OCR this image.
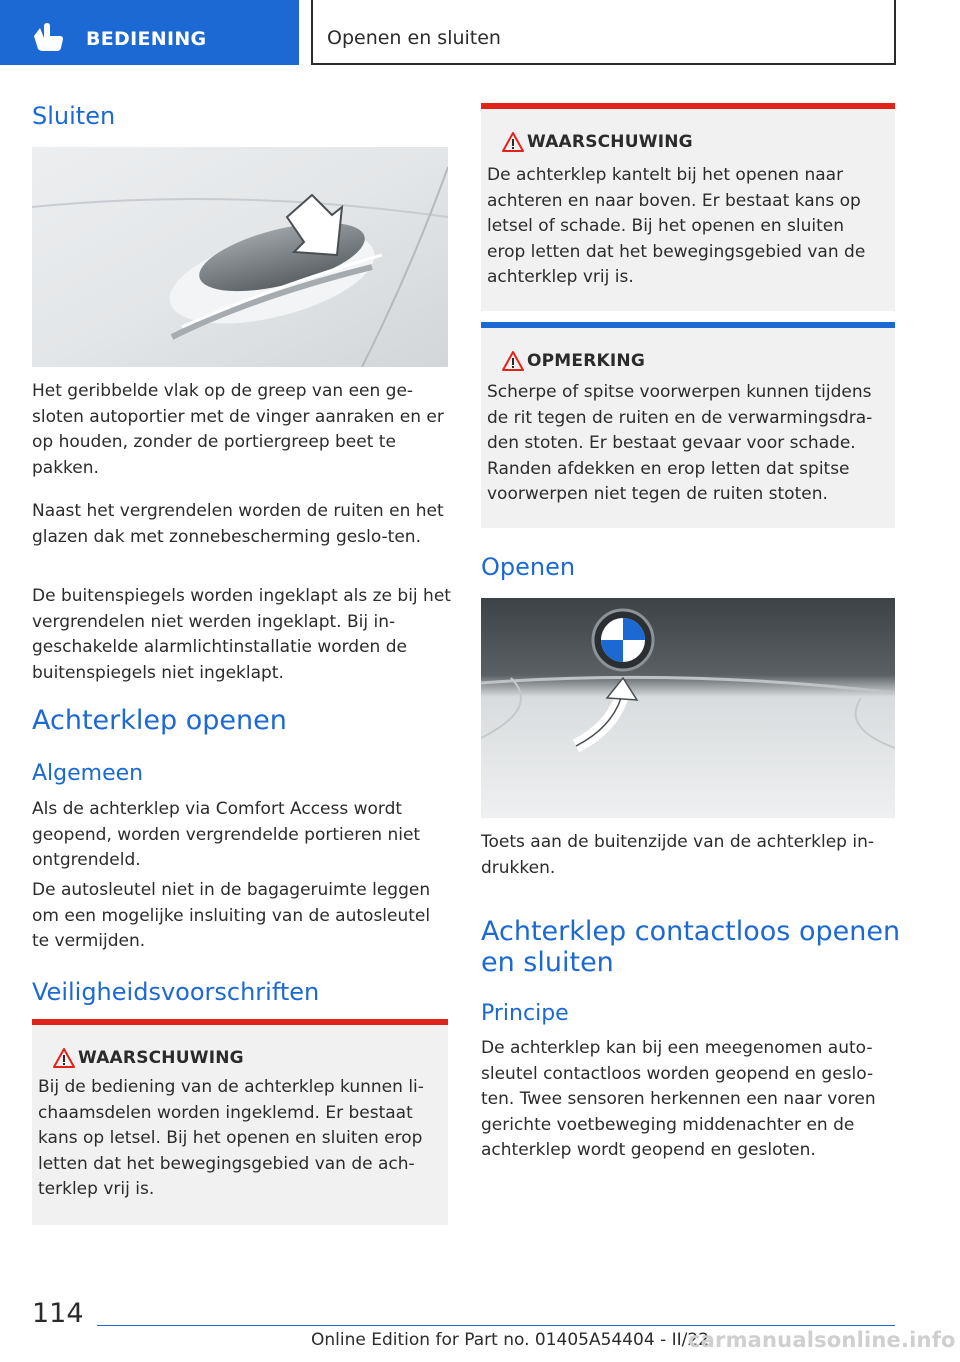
BEDIENING	Openen en sluiten
Sluiten
Het geribbelde vlak op de greep van een ge-sloten autoportier met de vinger aanraken en er op houden, zonder de portiergreep beet te pakken.
Naast het vergrendelen worden de ruiten en het glazen dak met zonnebescherming geslo-ten.
De buitenspiegels worden ingeklapt als ze bij het vergrendelen niet werden ingeklapt. Bij in-geschakelde alarmlichtinstallatie worden de buitenspiegels niet ingeklapt.
Achterklep openen
Algemeen
Als de achterklep via Comfort Access wordt geopend, worden vergrendelde portieren niet ontgrendeld.
De autosleutel niet in de bagageruimte leggen om een mogelijke insluiting van de autosleutel te vermijden.
Veiligheidsvoorschriften
WAARSCHUWING
Bij de bediening van de achterklep kunnen li-chaamsdelen worden ingeklemd. Er bestaat kans op letsel. Bij het openen en sluiten erop letten dat het bewegingsgebied van de ach-terklep vrij is.
WAARSCHUWING
De achterklep kantelt bij het openen naar achteren en naar boven. Er bestaat kans op letsel of schade. Bij het openen en sluiten erop letten dat het bewegingsgebied van de achterklep vrij is.
OPMERKING
Scherpe of spitse voorwerpen kunnen tijdens de rit tegen de ruiten en de verwarmingsdra-den stoten. Er bestaat gevaar voor schade. Randen afdekken en erop letten dat spitse voorwerpen niet tegen de ruiten stoten.
Openen
Toets aan de buitenzijde van de achterklep in-drukken.
Achterklep contactloos openen en sluiten
Principe
De achterklep kan bij een meegenomen auto-sleutel contactloos worden geopend en geslo-ten. Twee sensoren herkennen een naar voren gerichte voetbeweging middenachter en de achterklep wordt geopend en gesloten.
114
Online Edition for Part no. 01405A54404 - II/22
carmanualsonline.info
